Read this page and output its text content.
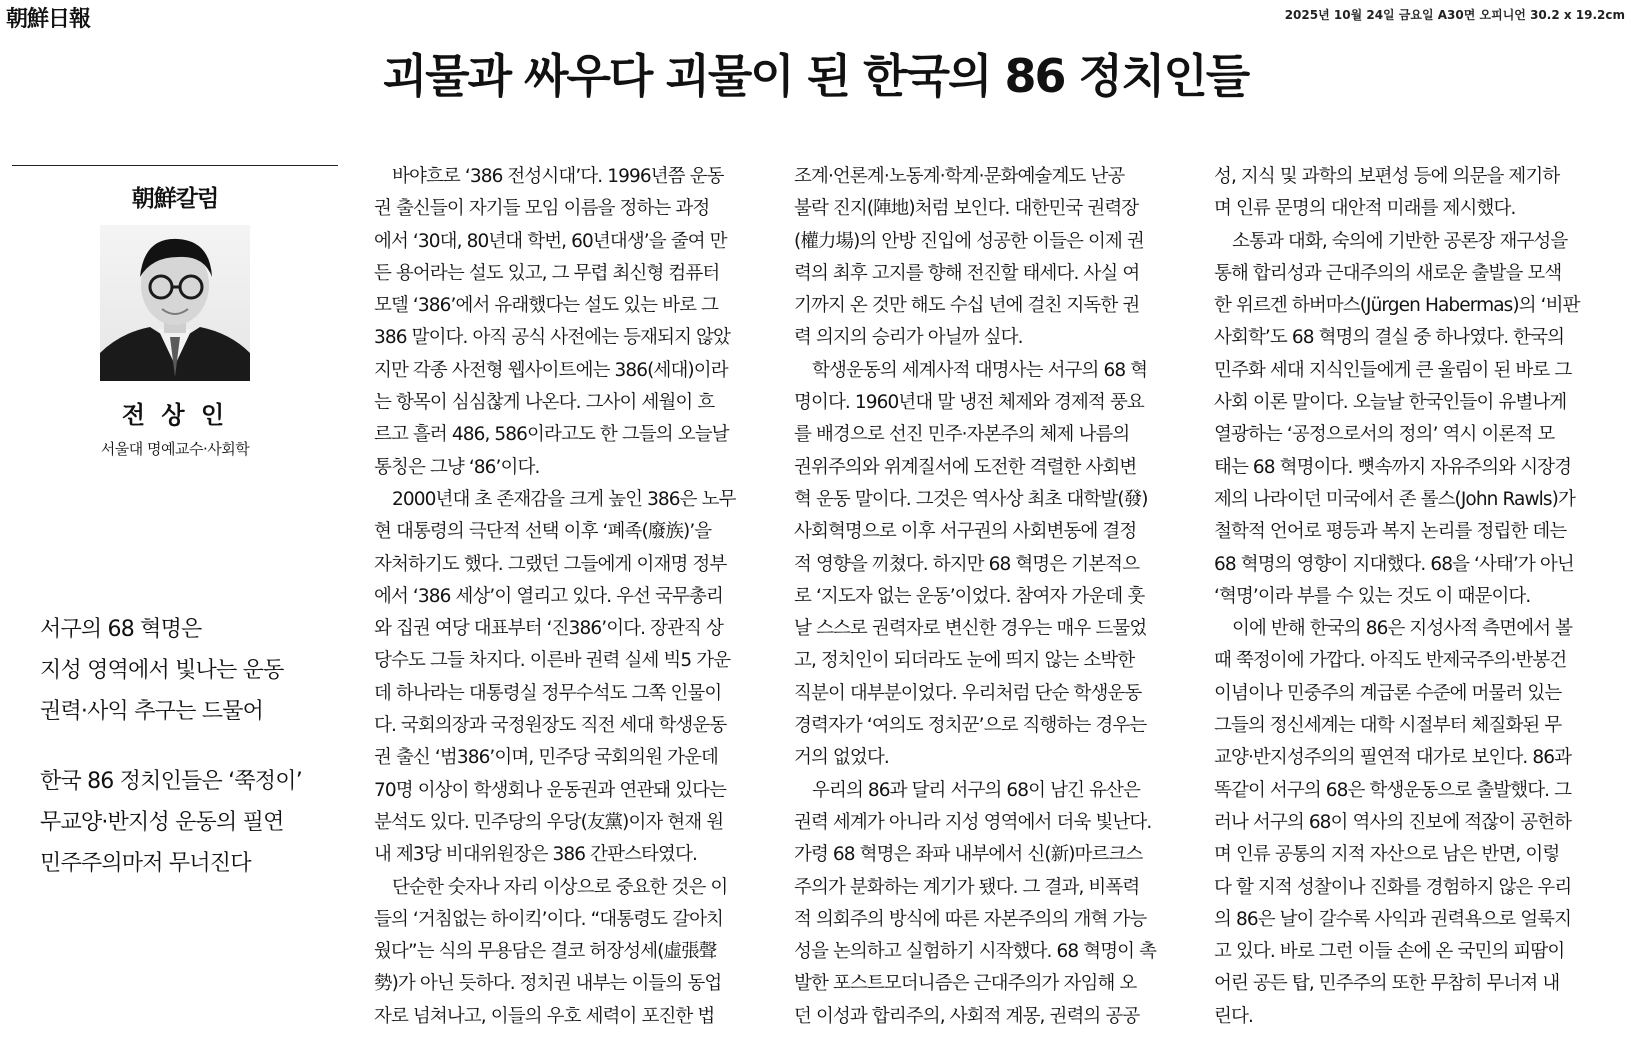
朝鮮日報	2025년 10월 24일 금요일 A30면 오피니언 30.2 x 19.2cm
괴물과 싸우다 괴물이 된 한국의 86 정치인들
朝鮮칼럼
전 상 인
서울대 명예교수·사회학
서구의 68 혁명은
지성 영역에서 빛나는 운동
권력·사익 추구는 드물어
한국 86 정치인들은 ‘쭉정이’
무교양·반지성 운동의 필연
민주주의마저 무너진다
바야흐로 ‘386 전성시대’다. 1996년쯤 운동
권 출신들이 자기들 모임 이름을 정하는 과정
에서 ‘30대, 80년대 학번, 60년대생’을 줄여 만
든 용어라는 설도 있고, 그 무렵 최신형 컴퓨터
모델 ‘386’에서 유래했다는 설도 있는 바로 그
386 말이다. 아직 공식 사전에는 등재되지 않았
지만 각종 사전형 웹사이트에는 386(세대)이라
는 항목이 심심찮게 나온다. 그사이 세월이 흐
르고 흘러 486, 586이라고도 한 그들의 오늘날
통칭은 그냥 ‘86’이다.
2000년대 초 존재감을 크게 높인 386은 노무
현 대통령의 극단적 선택 이후 ‘폐족(廢族)’을
자처하기도 했다. 그랬던 그들에게 이재명 정부
에서 ‘386 세상’이 열리고 있다. 우선 국무총리
와 집권 여당 대표부터 ‘진386’이다. 장관직 상
당수도 그들 차지다. 이른바 권력 실세 빅5 가운
데 하나라는 대통령실 정무수석도 그쪽 인물이
다. 국회의장과 국정원장도 직전 세대 학생운동
권 출신 ‘범386’이며, 민주당 국회의원 가운데
70명 이상이 학생회나 운동권과 연관돼 있다는
분석도 있다. 민주당의 우당(友黨)이자 현재 원
내 제3당 비대위원장은 386 간판스타였다.
단순한 숫자나 자리 이상으로 중요한 것은 이
들의 ‘거침없는 하이킥’이다. “대통령도 갈아치
웠다”는 식의 무용담은 결코 허장성세(虛張聲
勢)가 아닌 듯하다. 정치권 내부는 이들의 동업
자로 넘쳐나고, 이들의 우호 세력이 포진한 법
조계·언론계·노동계·학계·문화예술계도 난공
불락 진지(陣地)처럼 보인다. 대한민국 권력장
(權力場)의 안방 진입에 성공한 이들은 이제 권
력의 최후 고지를 향해 전진할 태세다. 사실 여
기까지 온 것만 해도 수십 년에 걸친 지독한 권
력 의지의 승리가 아닐까 싶다.
학생운동의 세계사적 대명사는 서구의 68 혁
명이다. 1960년대 말 냉전 체제와 경제적 풍요
를 배경으로 선진 민주·자본주의 체제 나름의
권위주의와 위계질서에 도전한 격렬한 사회변
혁 운동 말이다. 그것은 역사상 최초 대학발(發)
사회혁명으로 이후 서구권의 사회변동에 결정
적 영향을 끼쳤다. 하지만 68 혁명은 기본적으
로 ‘지도자 없는 운동’이었다. 참여자 가운데 훗
날 스스로 권력자로 변신한 경우는 매우 드물었
고, 정치인이 되더라도 눈에 띄지 않는 소박한
직분이 대부분이었다. 우리처럼 단순 학생운동
경력자가 ‘여의도 정치꾼’으로 직행하는 경우는
거의 없었다.
우리의 86과 달리 서구의 68이 남긴 유산은
권력 세계가 아니라 지성 영역에서 더욱 빛난다.
가령 68 혁명은 좌파 내부에서 신(新)마르크스
주의가 분화하는 계기가 됐다. 그 결과, 비폭력
적 의회주의 방식에 따른 자본주의의 개혁 가능
성을 논의하고 실험하기 시작했다. 68 혁명이 촉
발한 포스트모더니즘은 근대주의가 자임해 오
던 이성과 합리주의, 사회적 계몽, 권력의 공공
성, 지식 및 과학의 보편성 등에 의문을 제기하
며 인류 문명의 대안적 미래를 제시했다.
소통과 대화, 숙의에 기반한 공론장 재구성을
통해 합리성과 근대주의의 새로운 출발을 모색
한 위르겐 하버마스(Jürgen Habermas)의 ‘비판
사회학’도 68 혁명의 결실 중 하나였다. 한국의
민주화 세대 지식인들에게 큰 울림이 된 바로 그
사회 이론 말이다. 오늘날 한국인들이 유별나게
열광하는 ‘공정으로서의 정의’ 역시 이론적 모
태는 68 혁명이다. 뼛속까지 자유주의와 시장경
제의 나라이던 미국에서 존 롤스(John Rawls)가
철학적 언어로 평등과 복지 논리를 정립한 데는
68 혁명의 영향이 지대했다. 68을 ‘사태’가 아닌
‘혁명’이라 부를 수 있는 것도 이 때문이다.
이에 반해 한국의 86은 지성사적 측면에서 볼
때 쭉정이에 가깝다. 아직도 반제국주의·반봉건
이념이나 민중주의 계급론 수준에 머물러 있는
그들의 정신세계는 대학 시절부터 체질화된 무
교양·반지성주의의 필연적 대가로 보인다. 86과
똑같이 서구의 68은 학생운동으로 출발했다. 그
러나 서구의 68이 역사의 진보에 적잖이 공헌하
며 인류 공통의 지적 자산으로 남은 반면, 이렇
다 할 지적 성찰이나 진화를 경험하지 않은 우리
의 86은 날이 갈수록 사익과 권력욕으로 얼룩지
고 있다. 바로 그런 이들 손에 온 국민의 피땀이
어린 공든 탑, 민주주의 또한 무참히 무너져 내
린다.
